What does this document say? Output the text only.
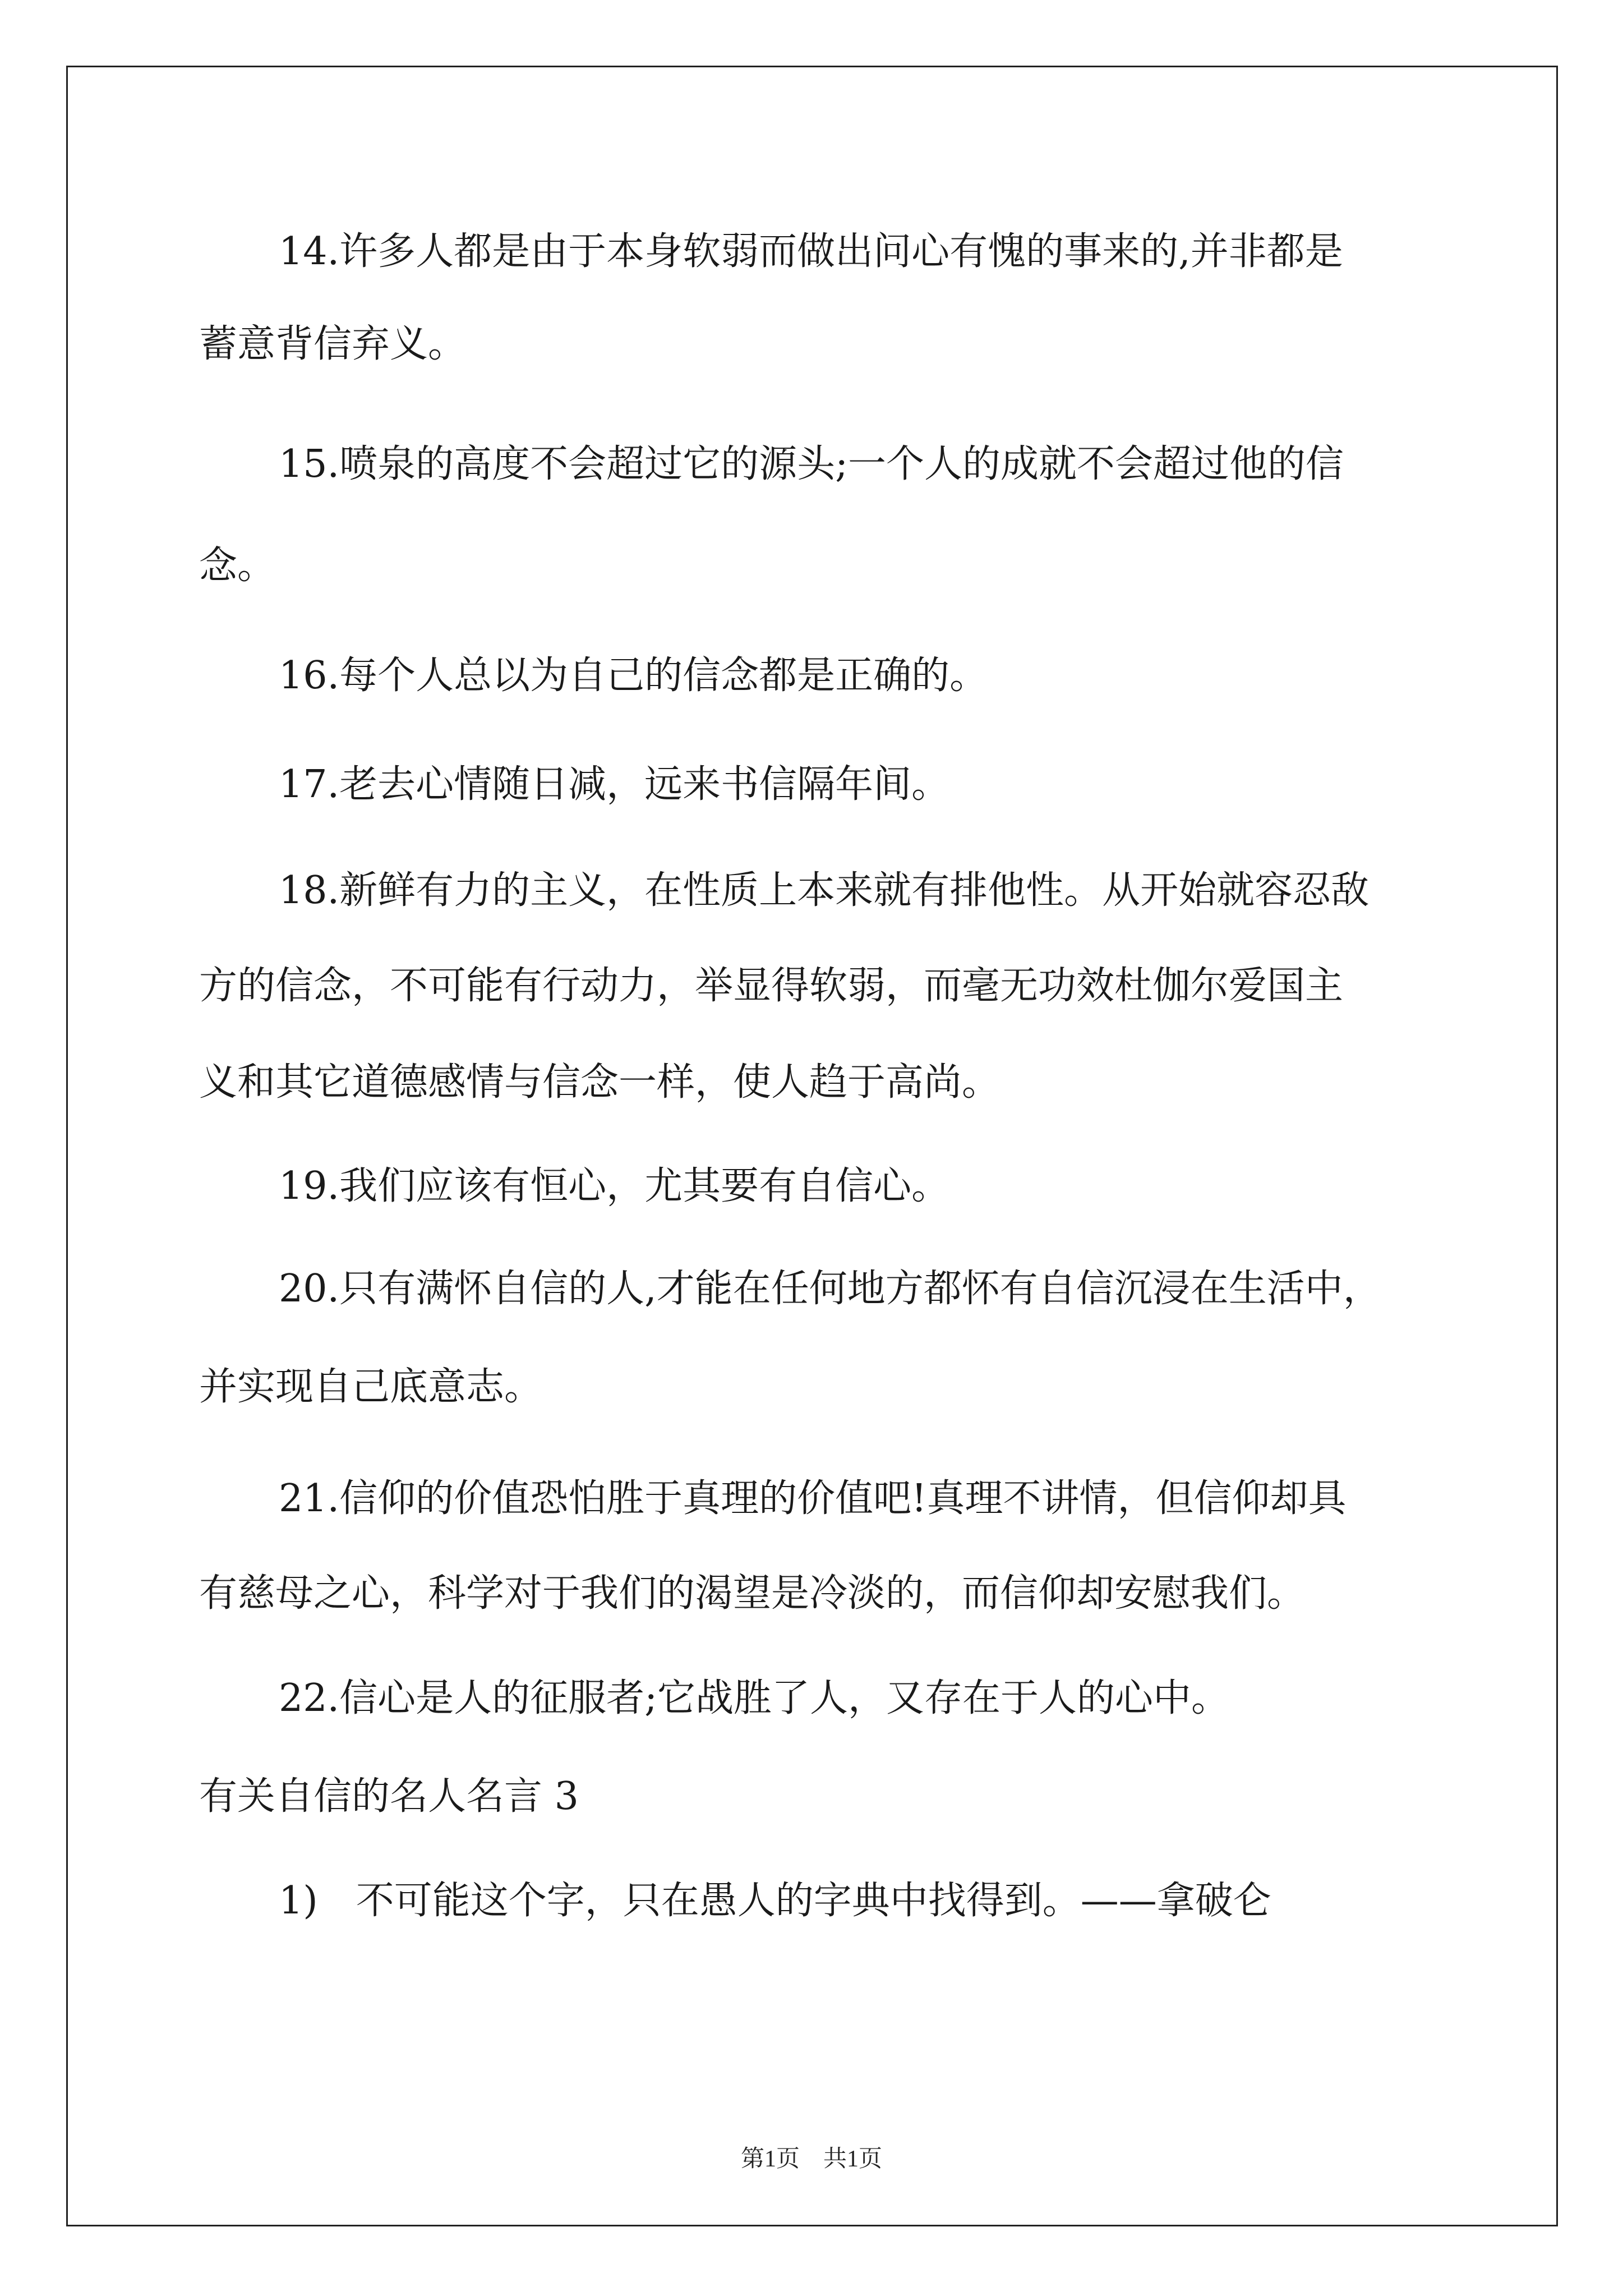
14.许多人都是由于本身软弱而做出问心有愧的事来的,并非都是

蓄意背信弃义。

15.喷泉的高度不会超过它的源头;一个人的成就不会超过他的信

念。

16.每个人总以为自己的信念都是正确的。

17.老去心情随日减，远来书信隔年间。

18.新鲜有力的主义，在性质上本来就有排他性。从开始就容忍敌

方的信念，不可能有行动力，举显得软弱，而毫无功效杜伽尔爱国主

义和其它道德感情与信念一样，使人趋于高尚。

19.我们应该有恒心，尤其要有自信心。

20.只有满怀自信的人,才能在任何地方都怀有自信沉浸在生活中，

并实现自己底意志。

21.信仰的价值恐怕胜于真理的价值吧!真理不讲情，但信仰却具

有慈母之心，科学对于我们的渴望是冷淡的，而信仰却安慰我们。

22.信心是人的征服者;它战胜了人，又存在于人的心中。

有关自信的名人名言 3

1)　不可能这个字，只在愚人的字典中找得到。——拿破仑

第1页　共1页
